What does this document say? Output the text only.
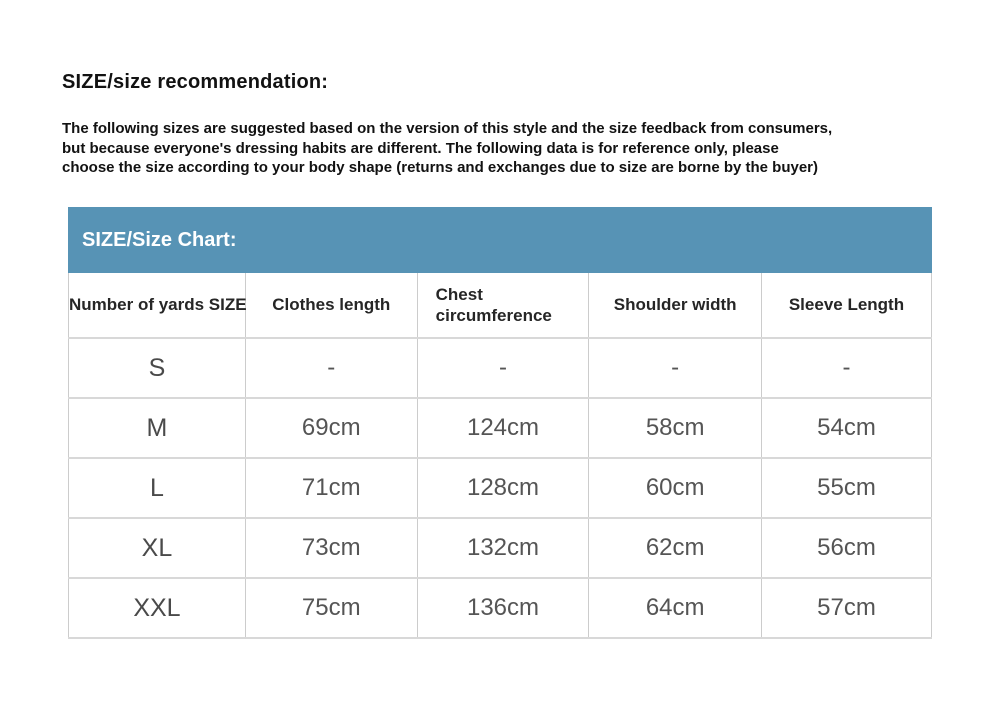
SIZE/size recommendation:
The following sizes are suggested based on the version of this style and the size feedback from consumers,
but because everyone's dressing habits are different. The following data is for reference only, please
choose the size according to your body shape (returns and exchanges due to size are borne by the buyer)
SIZE/Size Chart:
Number of yards SIZE	Clothes length	Chest circumference	Shoulder width	Sleeve Length
S	-	-	-	-
M	69cm	124cm	58cm	54cm
L	71cm	128cm	60cm	55cm
XL	73cm	132cm	62cm	56cm
XXL	75cm	136cm	64cm	57cm
